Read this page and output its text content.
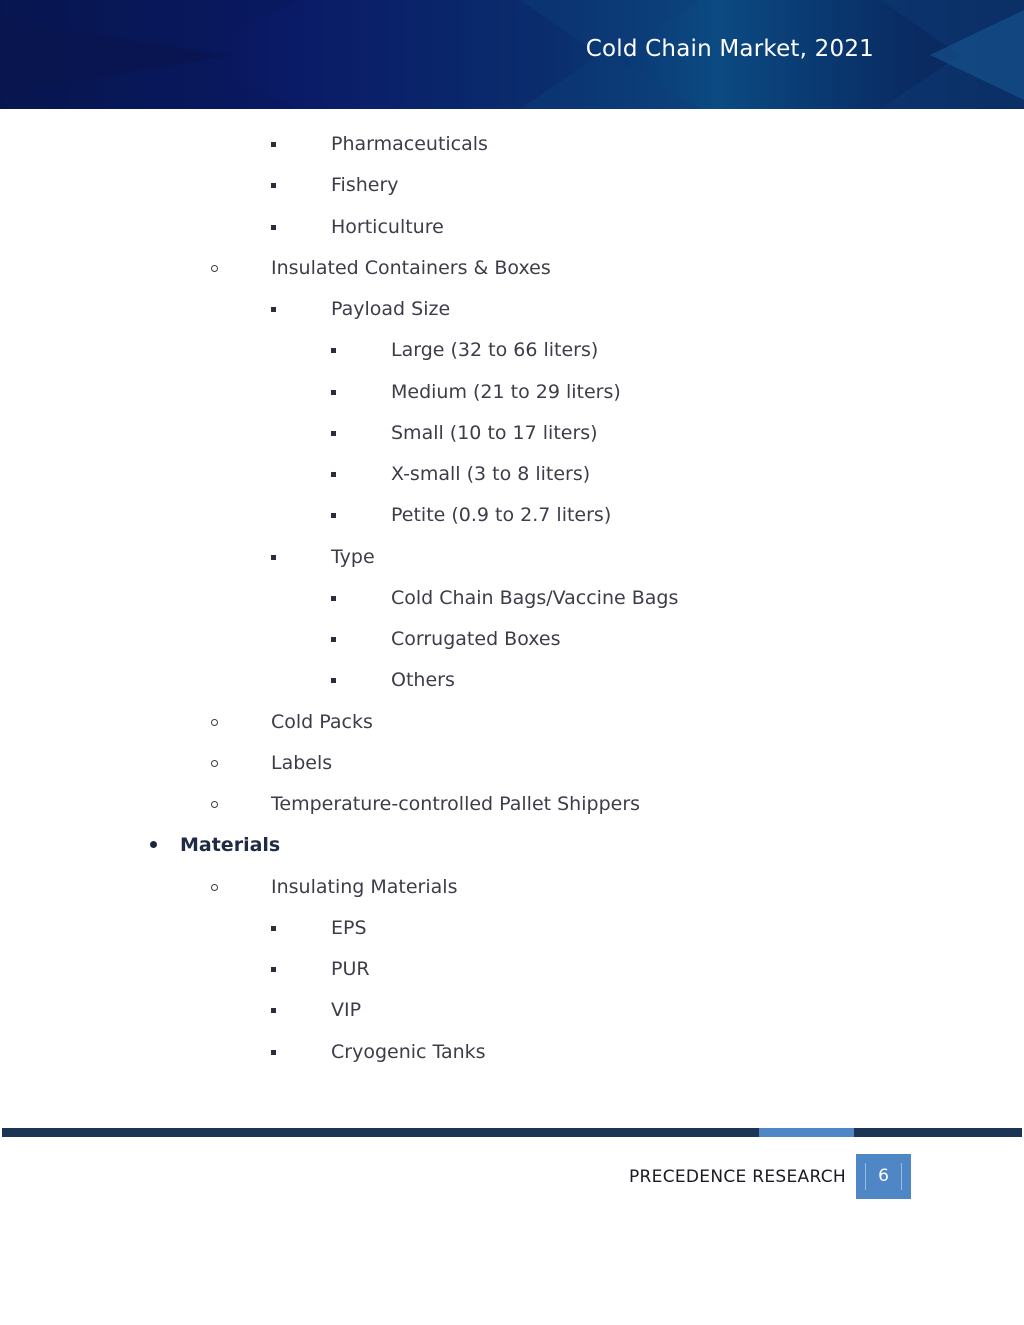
Cold Chain Market, 2021
Pharmaceuticals
Fishery
Horticulture
Insulated Containers & Boxes
Payload Size
Large (32 to 66 liters)
Medium (21 to 29 liters)
Small (10 to 17 liters)
X-small (3 to 8 liters)
Petite (0.9 to 2.7 liters)
Type
Cold Chain Bags/Vaccine Bags
Corrugated Boxes
Others
Cold Packs
Labels
Temperature-controlled Pallet Shippers
Materials
Insulating Materials
EPS
PUR
VIP
Cryogenic Tanks
PRECEDENCE RESEARCH	6
